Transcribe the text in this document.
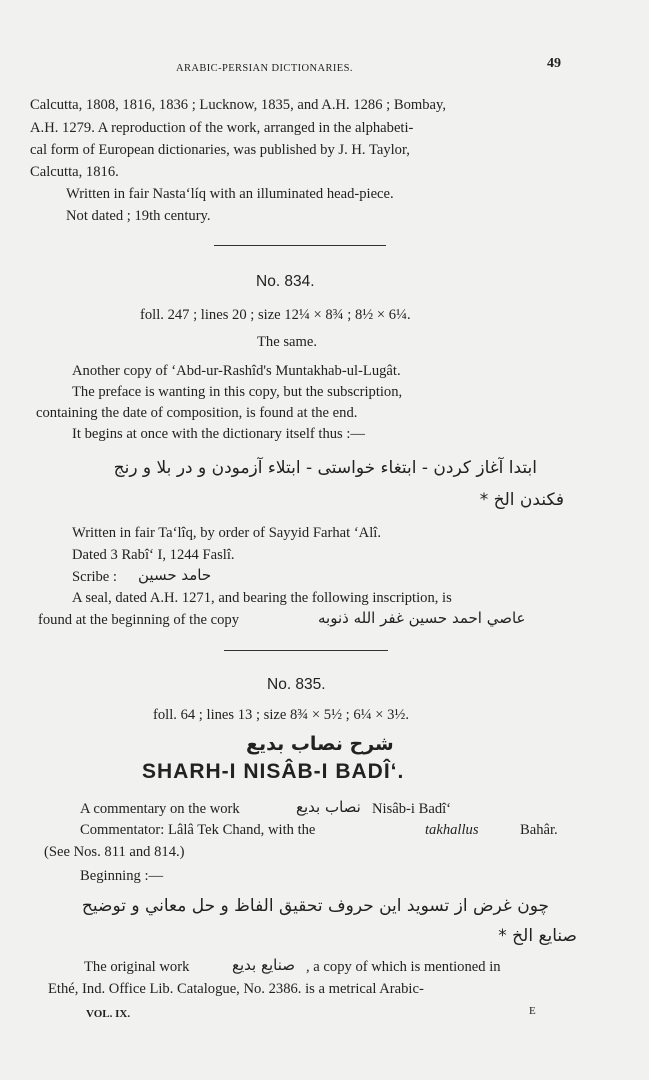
ARABIC-PERSIAN DICTIONARIES.	49
Calcutta, 1808, 1816, 1836 ; Lucknow, 1835, and A.H. 1286 ; Bombay,
A.H. 1279. A reproduction of the work, arranged in the alphabeti-
cal form of European dictionaries, was published by J. H. Taylor,
Calcutta, 1816.
Written in fair Nasta‘líq with an illuminated head-piece.
Not dated ; 19th century.
No. 834.
foll. 247 ; lines 20 ; size 12¼ × 8¾ ; 8½ × 6¼.
The same.
Another copy of ‘Abd-ur-Rashîd's Muntakhab-ul-Lugât.
The preface is wanting in this copy, but the subscription,
containing the date of composition, is found at the end.
It begins at once with the dictionary itself thus :—
ابتدا آغاز کردن - ابتغاء خواستی - ابتلاء آزمودن و در بلا و رنج
فکندن الخ ‌‌*
Written in fair Ta‘lîq, by order of Sayyid Farhat ‘Alî.
Dated 3 Rabî‘ I, 1244 Faslî.
Scribe : حامد حسین
A seal, dated A.H. 1271, and bearing the following inscription, is
found at the beginning of the copy	عاصي احمد حسین غفر الله ذنوبه
No. 835.
foll. 64 ; lines 13 ; size 8¾ × 5½ ; 6¼ × 3½.
شرح نصاب بدیع
SHARH-I NISÂB-I BADÎ‘.
A commentary on the work	نصاب بدیع Nisâb-i Badî‘
Commentator: Lâlâ Tek Chand, with the	takhallus	Bahâr.
(See Nos. 811 and 814.)
Beginning :—
چون غرض از تسوید این حروف تحقیق الفاظ و حل معاني و توضیح
صنایع الخ *
The original work	صنایع بدیع , a copy of which is mentioned in
Ethé, Ind. Office Lib. Catalogue, No. 2386. is a metrical Arabic-
VOL. IX.	E
